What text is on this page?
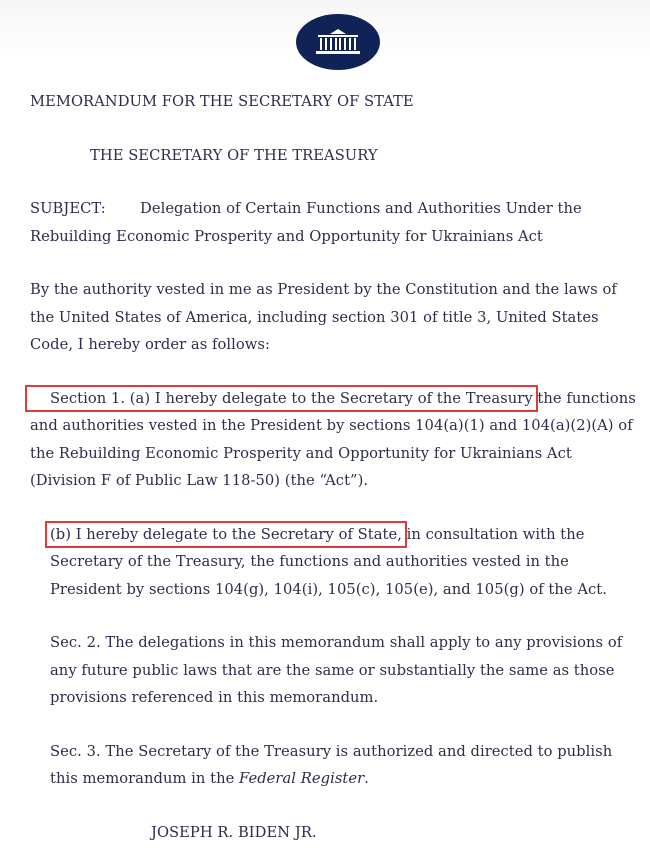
MEMORANDUM FOR THE SECRETARY OF STATE

THE SECRETARY OF THE TREASURY

SUBJECT: Delegation of Certain Functions and Authorities Under the Rebuilding Economic Prosperity and Opportunity for Ukrainians Act

By the authority vested in me as President by the Constitution and the laws of the United States of America, including section 301 of title 3, United States Code, I hereby order as follows:

Section 1. (a) I hereby delegate to the Secretary of the Treasury the functions and authorities vested in the President by sections 104(a)(1) and 104(a)(2)(A) of the Rebuilding Economic Prosperity and Opportunity for Ukrainians Act (Division F of Public Law 118-50) (the “Act”).

(b) I hereby delegate to the Secretary of State, in consultation with the Secretary of the Treasury, the functions and authorities vested in the President by sections 104(g), 104(i), 105(c), 105(e), and 105(g) of the Act.

Sec. 2. The delegations in this memorandum shall apply to any provisions of any future public laws that are the same or substantially the same as those provisions referenced in this memorandum.

Sec. 3. The Secretary of the Treasury is authorized and directed to publish this memorandum in the Federal Register.

JOSEPH R. BIDEN JR.
